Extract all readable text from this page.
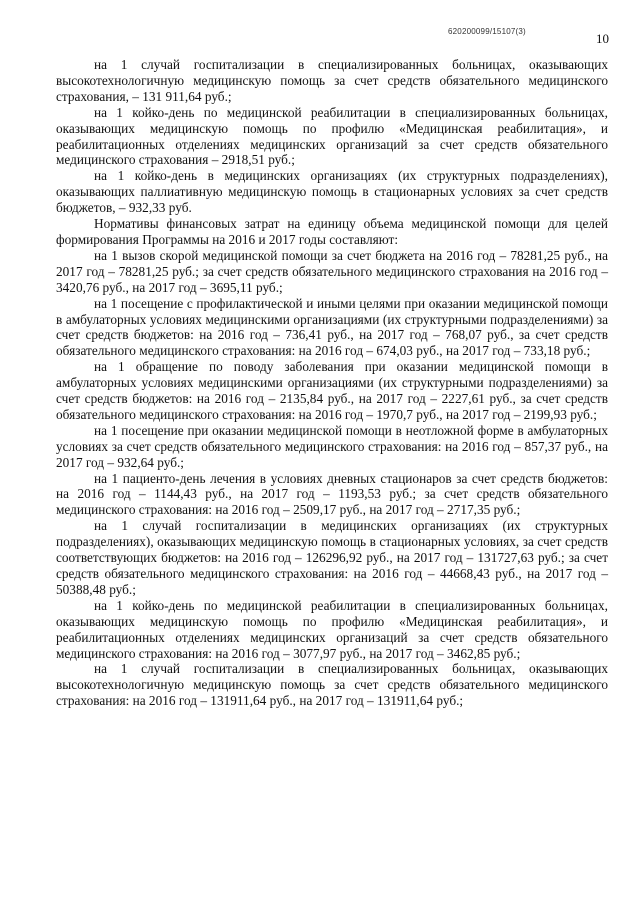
620200099/15107(3)	10

на 1 случай госпитализации в специализированных больницах, оказывающих высокотехнологичную медицинскую помощь за счет средств обязательного медицинского страхования, – 131 911,64 руб.;

на 1 койко-день по медицинской реабилитации в специализированных больницах, оказывающих медицинскую помощь по профилю «Медицинская реабилитация», и реабилитационных отделениях медицинских организаций за счет средств обязательного медицинского страхования – 2918,51 руб.;

на 1 койко-день в медицинских организациях (их структурных подразделениях), оказывающих паллиативную медицинскую помощь в стационарных условиях за счет средств бюджетов, – 932,33 руб.

Нормативы финансовых затрат на единицу объема медицинской помощи для целей формирования Программы на 2016 и 2017 годы составляют:

на 1 вызов скорой медицинской помощи за счет бюджета на 2016 год – 78281,25 руб., на 2017 год – 78281,25 руб.; за счет средств обязательного медицинского страхования на 2016 год – 3420,76 руб., на 2017 год – 3695,11 руб.;

на 1 посещение с профилактической и иными целями при оказании медицинской помощи в амбулаторных условиях медицинскими организациями (их структурными подразделениями) за счет средств бюджетов: на 2016 год – 736,41 руб., на 2017 год – 768,07 руб., за счет средств обязательного медицинского страхования: на 2016 год – 674,03 руб., на 2017 год – 733,18 руб.;

на 1 обращение по поводу заболевания при оказании медицинской помощи в амбулаторных условиях медицинскими организациями (их структурными подразделениями) за счет средств бюджетов: на 2016 год – 2135,84 руб., на 2017 год – 2227,61 руб., за счет средств обязательного медицинского страхования: на 2016 год – 1970,7 руб., на 2017 год – 2199,93 руб.;

на 1 посещение при оказании медицинской помощи в неотложной форме в амбулаторных условиях за счет средств обязательного медицинского страхования: на 2016 год – 857,37 руб., на 2017 год – 932,64 руб.;

на 1 пациенто-день лечения в условиях дневных стационаров за счет средств бюджетов: на 2016 год – 1144,43 руб., на 2017 год – 1193,53 руб.; за счет средств обязательного медицинского страхования: на 2016 год – 2509,17 руб., на 2017 год – 2717,35 руб.;

на 1 случай госпитализации в медицинских организациях (их структурных подразделениях), оказывающих медицинскую помощь в стационарных условиях, за счет средств соответствующих бюджетов: на 2016 год – 126296,92 руб., на 2017 год – 131727,63 руб.; за счет средств обязательного медицинского страхования: на 2016 год – 44668,43 руб., на 2017 год – 50388,48 руб.;

на 1 койко-день по медицинской реабилитации в специализированных больницах, оказывающих медицинскую помощь по профилю «Медицинская реабилитация», и реабилитационных отделениях медицинских организаций за счет средств обязательного медицинского страхования: на 2016 год – 3077,97 руб., на 2017 год – 3462,85 руб.;

на 1 случай госпитализации в специализированных больницах, оказывающих высокотехнологичную медицинскую помощь за счет средств обязательного медицинского страхования: на 2016 год – 131911,64 руб., на 2017 год – 131911,64 руб.;
